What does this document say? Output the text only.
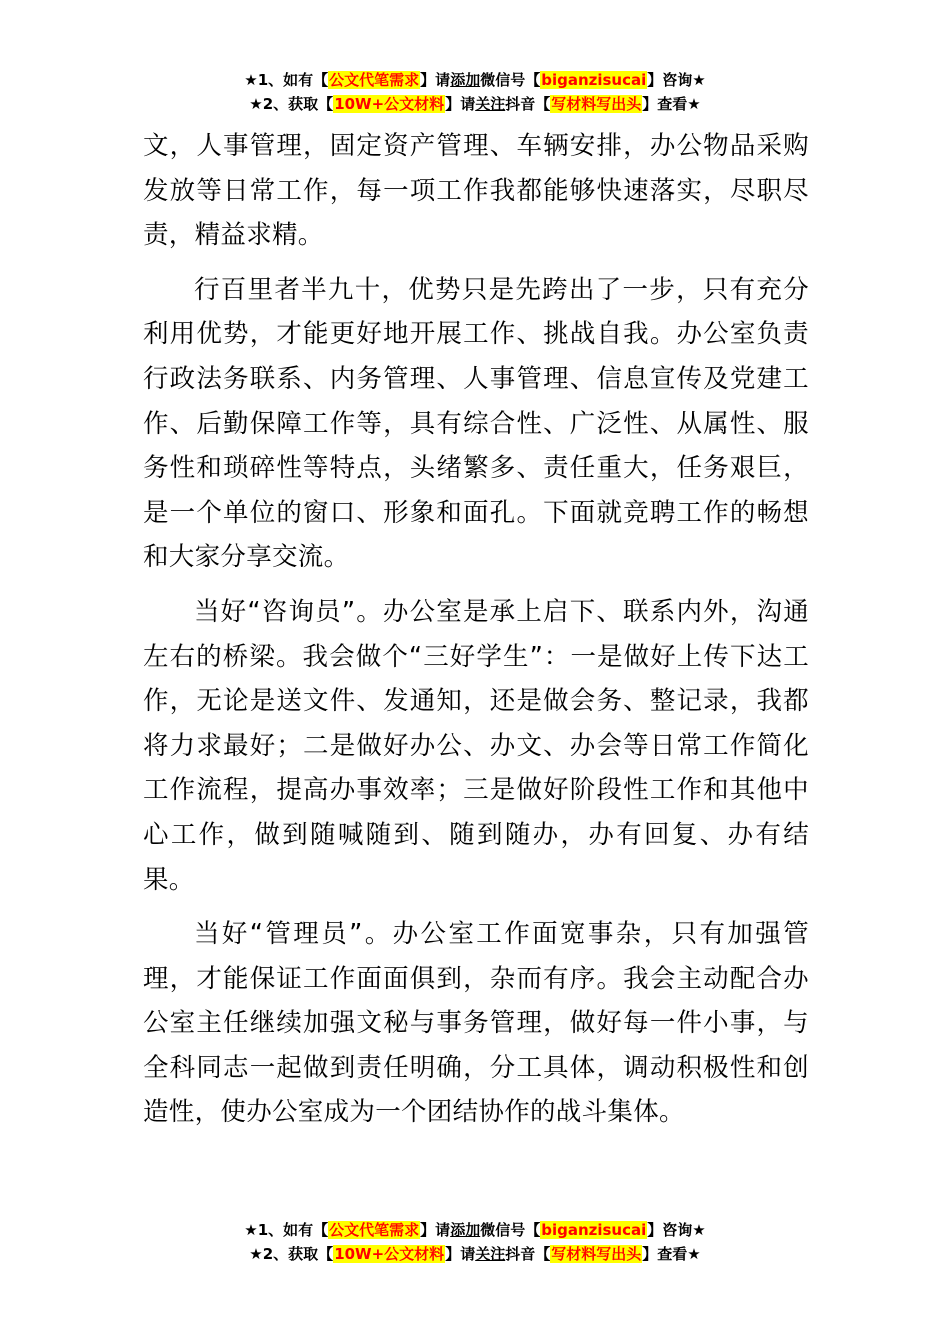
★1、如有【公文代笔需求】请添加微信号【biganzisucai】咨询★
★2、获取【10W+公文材料】请关注抖音【写材料写出头】查看★

文，人事管理，固定资产管理、车辆安排，办公物品采购发放等日常工作，每一项工作我都能够快速落实，尽职尽责，精益求精。

行百里者半九十，优势只是先跨出了一步，只有充分利用优势，才能更好地开展工作、挑战自我。办公室负责行政法务联系、内务管理、人事管理、信息宣传及党建工作、后勤保障工作等，具有综合性、广泛性、从属性、服务性和琐碎性等特点，头绪繁多、责任重大，任务艰巨，是一个单位的窗口、形象和面孔。下面就竞聘工作的畅想和大家分享交流。

当好“咨询员”。办公室是承上启下、联系内外，沟通左右的桥梁。我会做个“三好学生”：一是做好上传下达工作，无论是送文件、发通知，还是做会务、整记录，我都将力求最好；二是做好办公、办文、办会等日常工作简化工作流程，提高办事效率；三是做好阶段性工作和其他中心工作，做到随喊随到、随到随办，办有回复、办有结果。

当好“管理员”。办公室工作面宽事杂，只有加强管理，才能保证工作面面俱到，杂而有序。我会主动配合办公室主任继续加强文秘与事务管理，做好每一件小事，与全科同志一起做到责任明确，分工具体，调动积极性和创造性，使办公室成为一个团结协作的战斗集体。

★1、如有【公文代笔需求】请添加微信号【biganzisucai】咨询★
★2、获取【10W+公文材料】请关注抖音【写材料写出头】查看★
